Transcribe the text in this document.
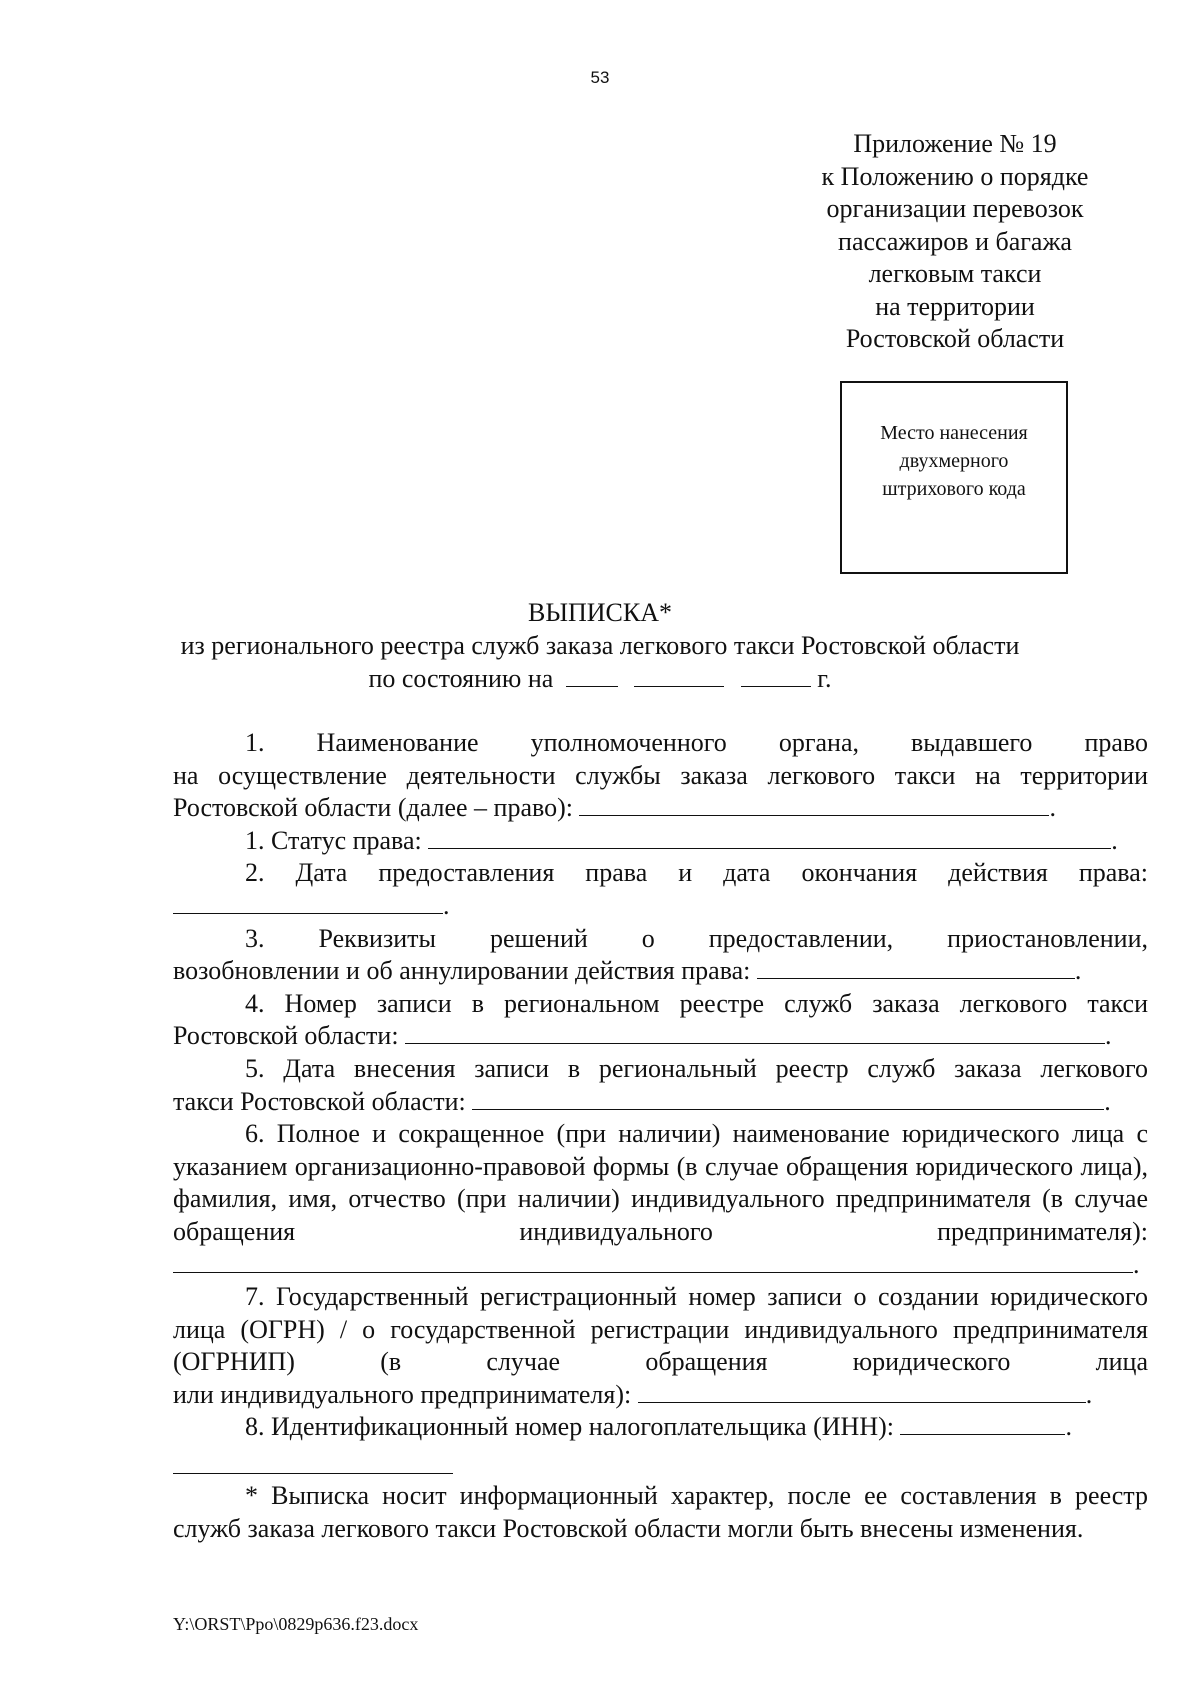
53
Приложение № 19
к Положению о порядке
организации перевозок
пассажиров и багажа
легковым такси
на территории
Ростовской области
Место нанесения
двухмерного
штрихового кода
ВЫПИСКА*
из регионального реестра служб заказа легкового такси Ростовской области
по состоянию на	г.
1. Наименование уполномоченного органа, выдавшего право
на осуществление деятельности службы заказа легкового такси на территории
Ростовской области (далее – право):	.
1. Статус права:	.
2. Дата предоставления права и дата окончания действия права:
.
3. Реквизиты решений о предоставлении, приостановлении,
возобновлении и об аннулировании действия права:	.
4. Номер записи в региональном реестре служб заказа легкового такси
Ростовской области:	.
5. Дата внесения записи в региональный реестр служб заказа легкового
такси Ростовской области:	.
6. Полное и сокращенное (при наличии) наименование юридического лица с указанием организационно-правовой формы (в случае обращения юридического лица), фамилия, имя, отчество (при наличии) индивидуального предпринимателя (в случае обращения индивидуального предпринимателя):
.
7. Государственный регистрационный номер записи о создании юридического лица (ОГРН) / о государственной регистрации индивидуального предпринимателя (ОГРНИП) (в случае обращения юридического лица
или индивидуального предпринимателя):	.
8. Идентификационный номер налогоплательщика (ИНН):	.
* Выписка носит информационный характер, после ее составления в реестр служб заказа легкового такси Ростовской области могли быть внесены изменения.
Y:\ORST\Ppo\0829p636.f23.docx
